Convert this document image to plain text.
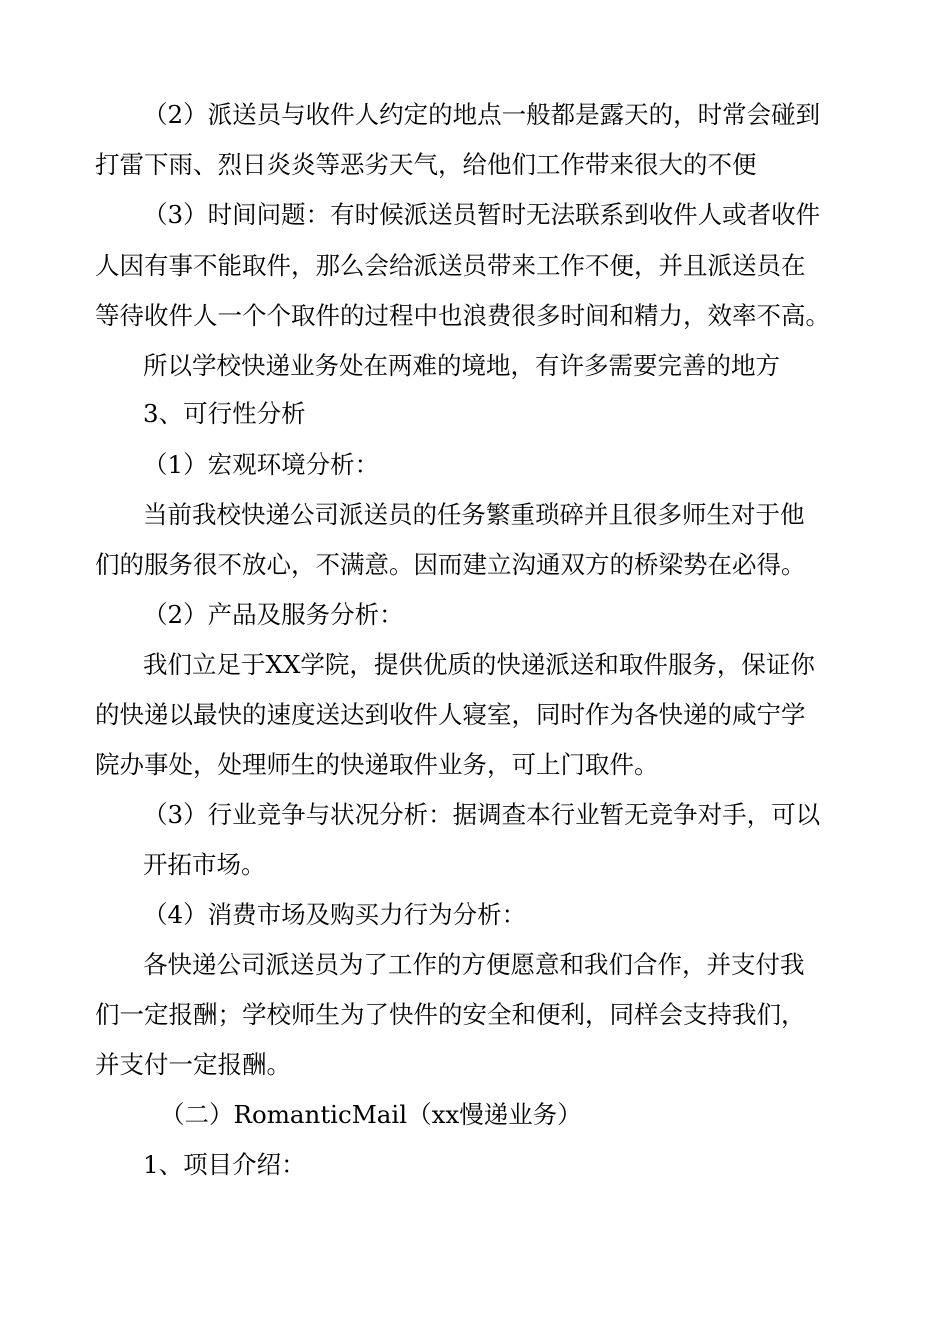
（2）派送员与收件人约定的地点一般都是露天的，时常会碰到
打雷下雨、烈日炎炎等恶劣天气，给他们工作带来很大的不便
（3）时间问题：有时候派送员暂时无法联系到收件人或者收件
人因有事不能取件，那么会给派送员带来工作不便，并且派送员在
等待收件人一个个取件的过程中也浪费很多时间和精力，效率不高。
所以学校快递业务处在两难的境地，有许多需要完善的地方
3、可行性分析
（1）宏观环境分析：
当前我校快递公司派送员的任务繁重琐碎并且很多师生对于他
们的服务很不放心，不满意。因而建立沟通双方的桥梁势在必得。
（2）产品及服务分析：
我们立足于XX学院，提供优质的快递派送和取件服务，保证你
的快递以最快的速度送达到收件人寝室，同时作为各快递的咸宁学
院办事处，处理师生的快递取件业务，可上门取件。
（3）行业竞争与状况分析：据调查本行业暂无竞争对手，可以
开拓市场。
（4）消费市场及购买力行为分析：
各快递公司派送员为了工作的方便愿意和我们合作，并支付我
们一定报酬；学校师生为了快件的安全和便利，同样会支持我们，
并支付一定报酬。
（二）RomanticMail（xx慢递业务）
1、项目介绍：
